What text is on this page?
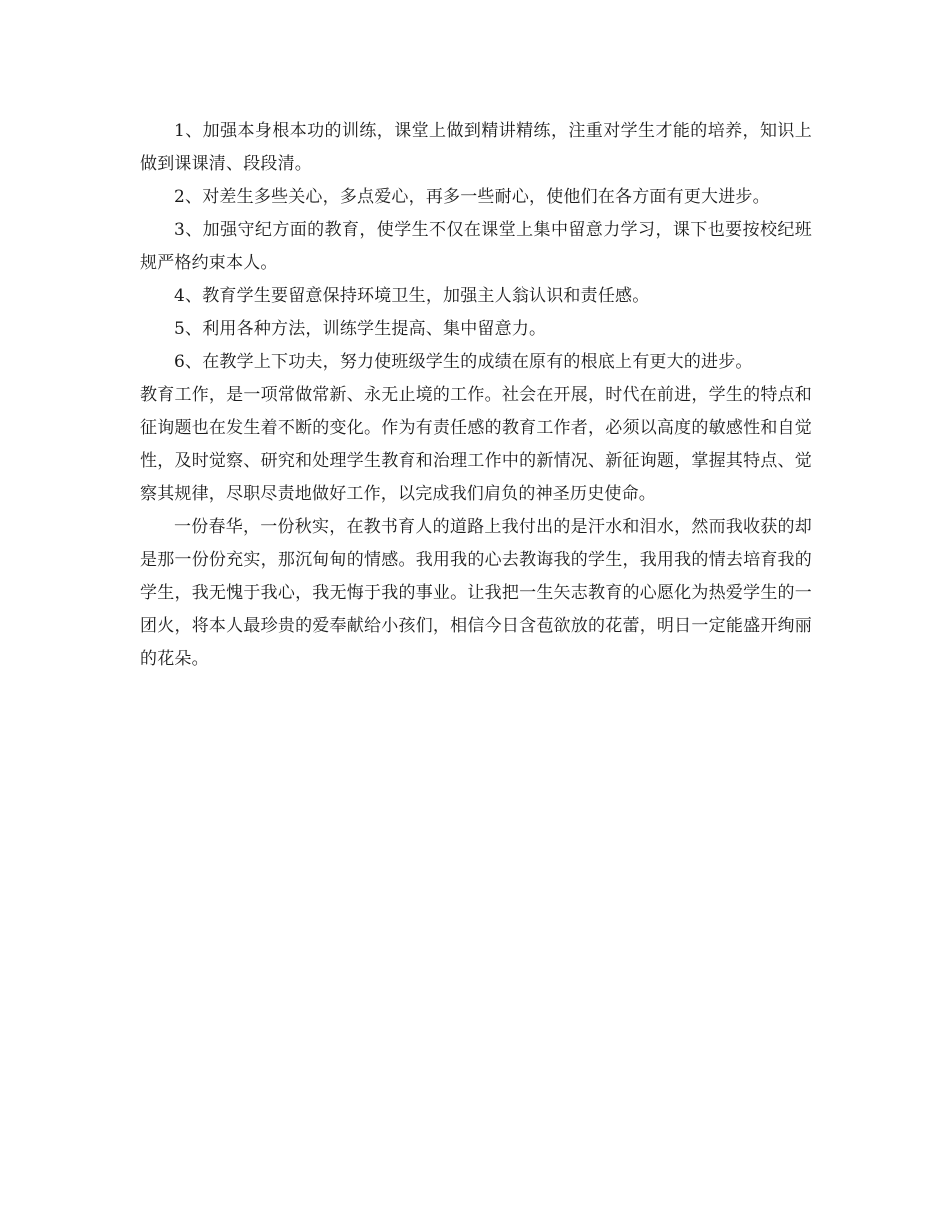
1、加强本身根本功的训练，课堂上做到精讲精练，注重对学生才能的培养，知识上做到课课清、段段清。

2、对差生多些关心，多点爱心，再多一些耐心，使他们在各方面有更大进步。

3、加强守纪方面的教育，使学生不仅在课堂上集中留意力学习，课下也要按校纪班规严格约束本人。

4、教育学生要留意保持环境卫生，加强主人翁认识和责任感。

5、利用各种方法，训练学生提高、集中留意力。

6、在教学上下功夫，努力使班级学生的成绩在原有的根底上有更大的进步。

教育工作，是一项常做常新、永无止境的工作。社会在开展，时代在前进，学生的特点和征询题也在发生着不断的变化。作为有责任感的教育工作者，必须以高度的敏感性和自觉性，及时觉察、研究和处理学生教育和治理工作中的新情况、新征询题，掌握其特点、觉察其规律，尽职尽责地做好工作，以完成我们肩负的神圣历史使命。

一份春华，一份秋实，在教书育人的道路上我付出的是汗水和泪水，然而我收获的却是那一份份充实，那沉甸甸的情感。我用我的心去教诲我的学生，我用我的情去培育我的学生，我无愧于我心，我无悔于我的事业。让我把一生矢志教育的心愿化为热爱学生的一团火，将本人最珍贵的爱奉献给小孩们，相信今日含苞欲放的花蕾，明日一定能盛开绚丽的花朵。
